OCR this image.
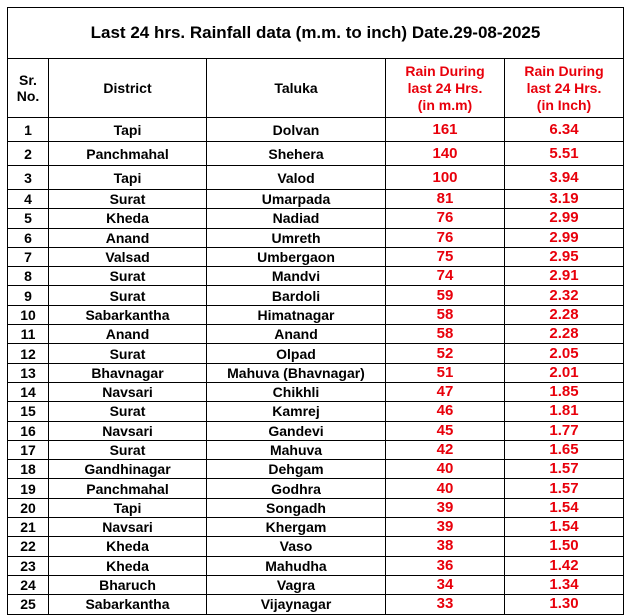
Last 24 hrs. Rainfall data (m.m. to inch) Date.29-08-2025				
Sr.
No.	District	Taluka	Rain During
last 24 Hrs.
(in m.m)	Rain During
last 24 Hrs.
(in Inch)
1	Tapi	Dolvan	161	6.34
2	Panchmahal	Shehera	140	5.51
3	Tapi	Valod	100	3.94
4	Surat	Umarpada	81	3.19
5	Kheda	Nadiad	76	2.99
6	Anand	Umreth	76	2.99
7	Valsad	Umbergaon	75	2.95
8	Surat	Mandvi	74	2.91
9	Surat	Bardoli	59	2.32
10	Sabarkantha	Himatnagar	58	2.28
11	Anand	Anand	58	2.28
12	Surat	Olpad	52	2.05
13	Bhavnagar	Mahuva (Bhavnagar)	51	2.01
14	Navsari	Chikhli	47	1.85
15	Surat	Kamrej	46	1.81
16	Navsari	Gandevi	45	1.77
17	Surat	Mahuva	42	1.65
18	Gandhinagar	Dehgam	40	1.57
19	Panchmahal	Godhra	40	1.57
20	Tapi	Songadh	39	1.54
21	Navsari	Khergam	39	1.54
22	Kheda	Vaso	38	1.50
23	Kheda	Mahudha	36	1.42
24	Bharuch	Vagra	34	1.34
25	Sabarkantha	Vijaynagar	33	1.30
